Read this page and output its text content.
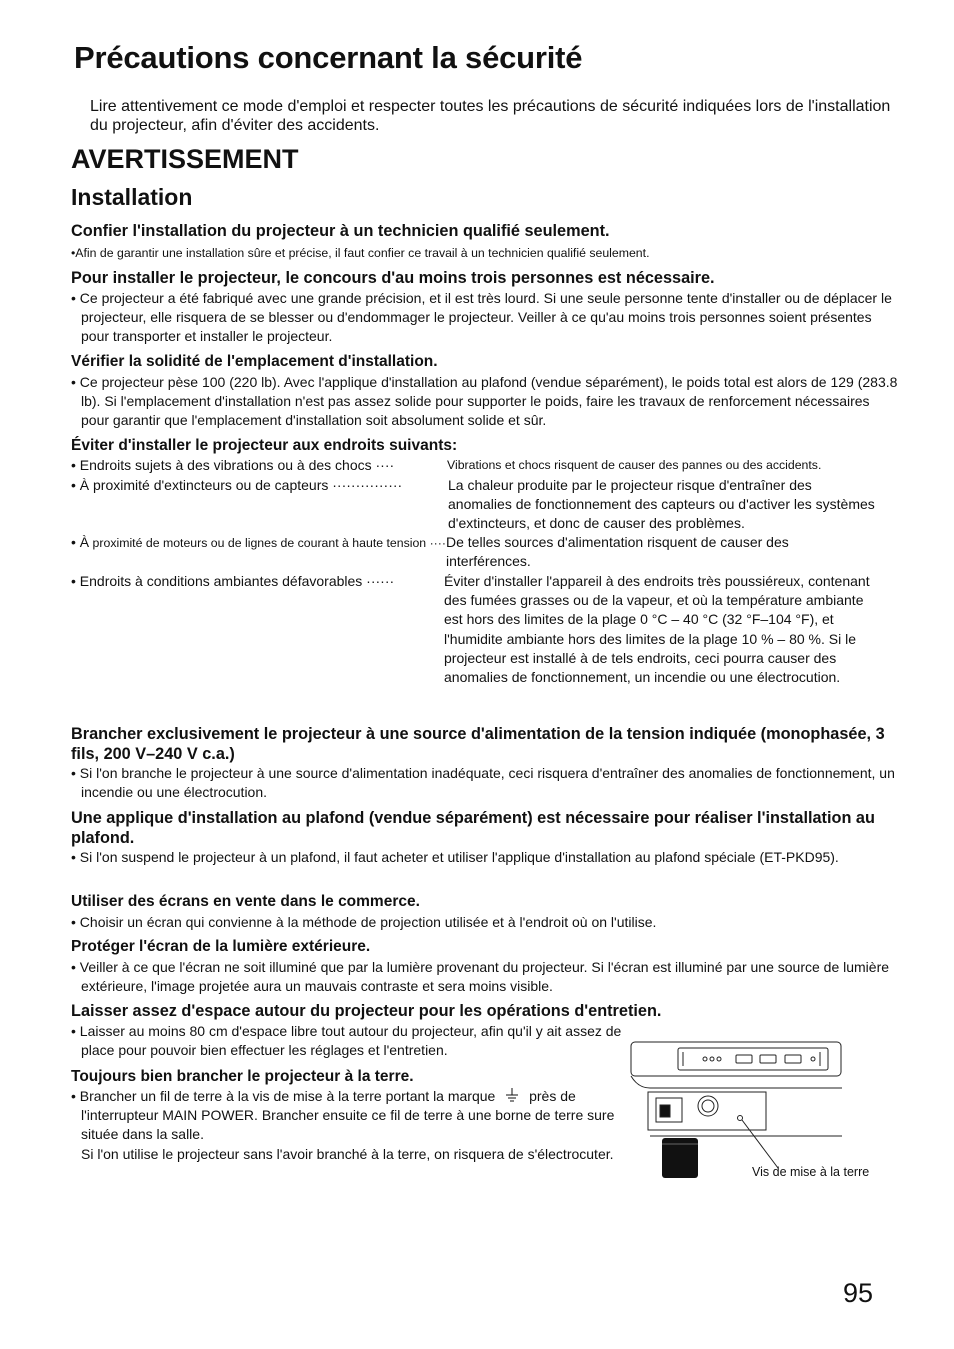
Précautions concernant la sécurité
Lire attentivement ce mode d'emploi et respecter toutes les précautions de sécurité indiquées lors de l'installation du projecteur, afin d'éviter des accidents.
AVERTISSEMENT
Installation
Confier l'installation du projecteur à un technicien qualifié seulement.
•Afin de garantir une installation sûre et précise, il faut confier ce travail à un technicien qualifié seulement.
Pour installer le projecteur, le concours d'au moins trois personnes est nécessaire.
• Ce projecteur a été fabriqué avec une grande précision, et il est très lourd. Si une seule personne tente d'installer ou de déplacer le projecteur, elle risquera de se blesser ou d'endommager le projecteur. Veiller à ce qu'au moins trois personnes soient présentes pour transporter et installer le projecteur.
Vérifier la solidité de l'emplacement d'installation.
• Ce projecteur pèse 100 (220 lb). Avec l'applique d'installation au plafond (vendue séparément), le poids total est alors de 129 (283.8 lb). Si l'emplacement d'installation n'est pas assez solide pour supporter le poids, faire les travaux de renforcement nécessaires pour garantir que l'emplacement d'installation soit absolument solide et sûr.
Éviter d'installer le projecteur aux endroits suivants:
• Endroits sujets à des vibrations ou à des chocs ····	Vibrations et chocs risquent de causer des pannes ou des accidents.
• À proximité d'extincteurs ou de capteurs ···············	La chaleur produite par le projecteur risque d'entraîner des anomalies de fonctionnement des capteurs ou d'activer les systèmes d'extincteurs, et donc de causer des problèmes.
• À proximité de moteurs ou de lignes de courant à haute tension ···· De telles sources d'alimentation risquent de causer des interférences.
• Endroits à conditions ambiantes défavorables ······	Éviter d'installer l'appareil à des endroits très poussiéreux, contenant des fumées grasses ou de la vapeur, et où la température ambiante est hors des limites de la plage 0 °C – 40 °C (32 °F–104 °F), et l'humidite ambiante hors des limites de la plage 10 % – 80 %. Si le projecteur est installé à de tels endroits, ceci pourra causer des anomalies de fonctionnement, un incendie ou une électrocution.
Brancher exclusivement le projecteur à une source d'alimentation de la tension indiquée (monophasée, 3 fils, 200 V–240 V c.a.)
• Si l'on branche le projecteur à une source d'alimentation inadéquate, ceci risquera d'entraîner des anomalies de fonctionnement, un incendie ou une électrocution.
Une applique d'installation au plafond (vendue séparément) est nécessaire pour réaliser l'installation au plafond.
• Si l'on suspend le projecteur à un plafond, il faut acheter et utiliser l'applique d'installation au plafond spéciale (ET-PKD95).
Utiliser des écrans en vente dans le commerce.
• Choisir un écran qui convienne à la méthode de projection utilisée et à l'endroit où on l'utilise.
Protéger l'écran de la lumière extérieure.
• Veiller à ce que l'écran ne soit illuminé que par la lumière provenant du projecteur. Si l'écran est illuminé par une source de lumière extérieure, l'image projetée aura un mauvais contraste et sera moins visible.
Laisser assez d'espace autour du projecteur pour les opérations d'entretien.
• Laisser au moins 80 cm d'espace libre tout autour du projecteur, afin qu'il y ait assez de place pour pouvoir bien effectuer les réglages et l'entretien.
Toujours bien brancher le projecteur à la terre.
• Brancher un fil de terre à la vis de mise à la terre portant la marque  près de l'interrupteur MAIN POWER. Brancher ensuite ce fil de terre à une borne de terre sure située dans la salle.
Si l'on utilise le projecteur sans l'avoir branché à la terre, on risquera de s'électrocuter.
Vis de mise à la terre
95
